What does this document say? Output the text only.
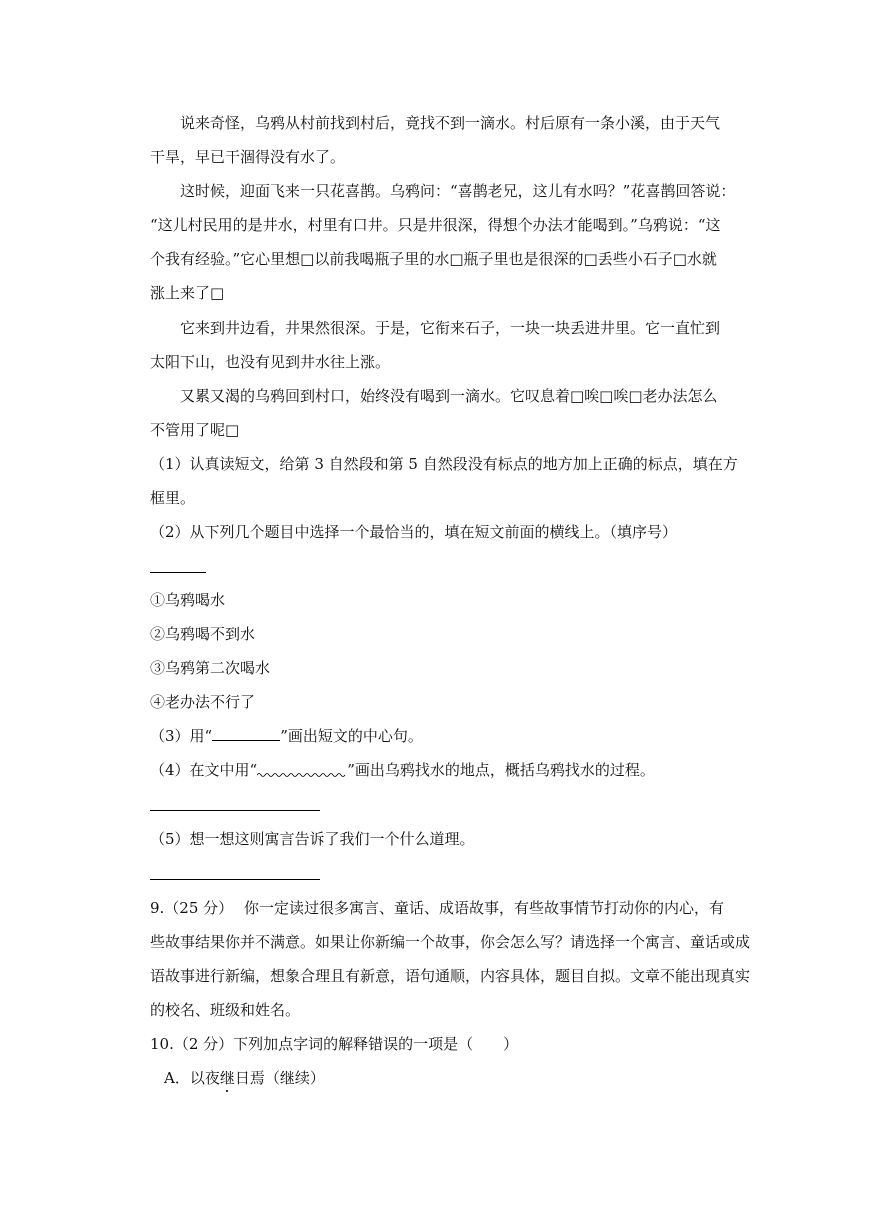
说来奇怪，乌鸦从村前找到村后，竟找不到一滴水。村后原有一条小溪，由于天气
干旱，早已干涸得没有水了。
这时候，迎面飞来一只花喜鹊。乌鸦问：“喜鹊老兄，这儿有水吗？”花喜鹊回答说：
“这儿村民用的是井水，村里有口井。只是井很深，得想个办法才能喝到。”乌鸦说：“这
个我有经验。”它心里想□以前我喝瓶子里的水□瓶子里也是很深的□丢些小石子□水就
涨上来了□
它来到井边看，井果然很深。于是，它衔来石子，一块一块丢进井里。它一直忙到
太阳下山，也没有见到井水往上涨。
又累又渴的乌鸦回到村口，始终没有喝到一滴水。它叹息着□唉□唉□老办法怎么
不管用了呢□
（1）认真读短文，给第 3 自然段和第 5 自然段没有标点的地方加上正确的标点，填在方
框里。
（2）从下列几个题目中选择一个最恰当的，填在短文前面的横线上。（填序号）
①乌鸦喝水
②乌鸦喝不到水
③乌鸦第二次喝水
④老办法不行了
（3）用“	”画出短文的中心句。
（4）在文中用“	”画出乌鸦找水的地点，概括乌鸦找水的过程。
（5）想一想这则寓言告诉了我们一个什么道理。
9.（25 分） 你一定读过很多寓言、童话、成语故事，有些故事情节打动你的内心，有
些故事结果你并不满意。如果让你新编一个故事，你会怎么写？请选择一个寓言、童话或成
语故事进行新编，想象合理且有新意，语句通顺，内容具体，题目自拟。文章不能出现真实
的校名、班级和姓名。
10.（2 分）下列加点字词的解释错误的一项是（　　）
A．以夜继日焉（继续）
